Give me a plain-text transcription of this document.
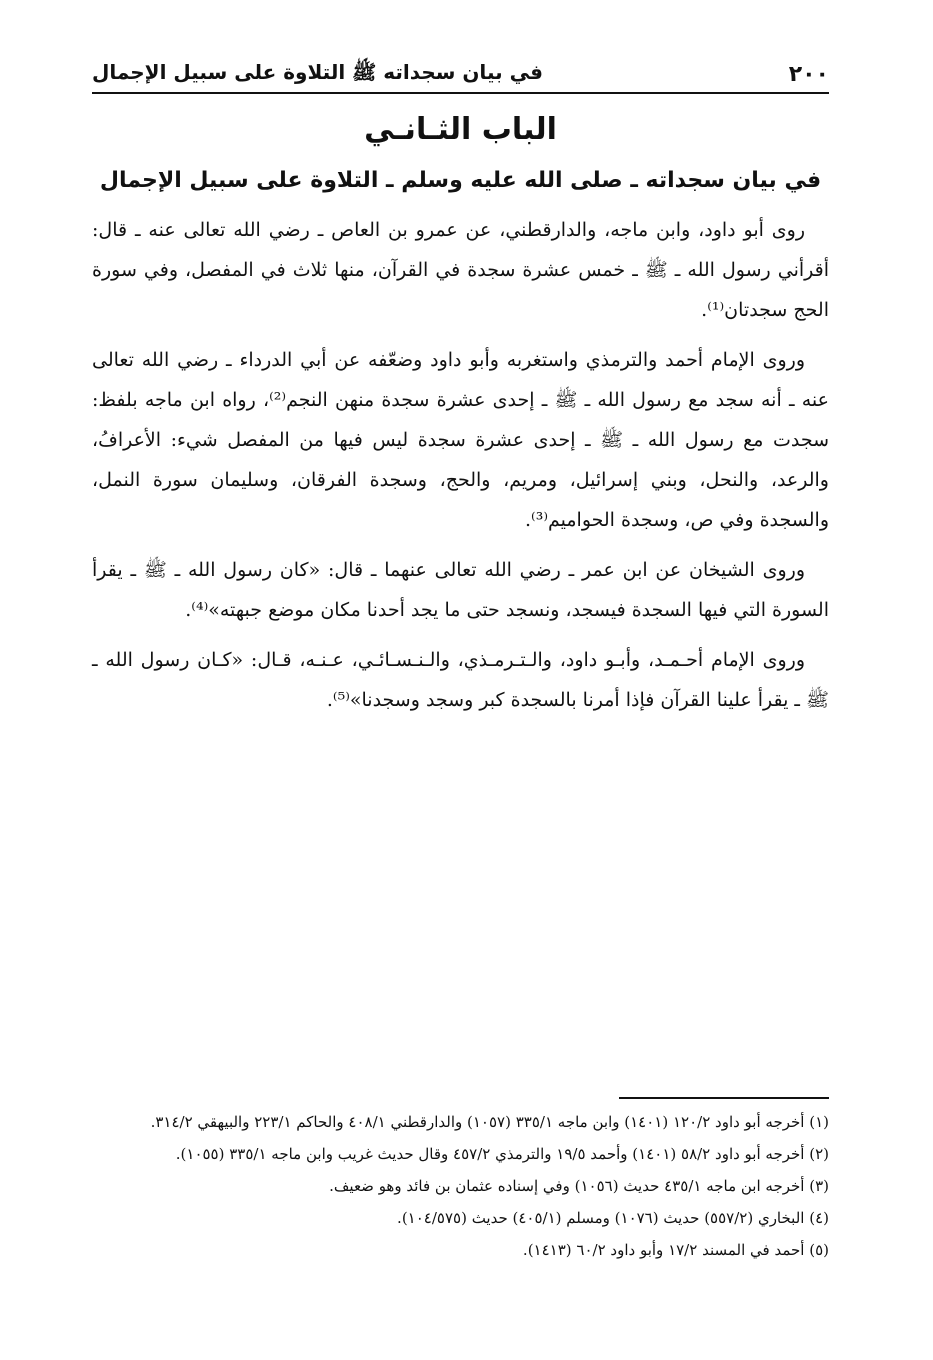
٢٠٠
في بيان سجداته ﷺ التلاوة على سبيل الإجمال
الباب الثـانـي
في بيان سجداته ـ صلى الله عليه وسلم ـ التلاوة على سبيل الإجمال

روى أبو داود، وابن ماجه، والدارقطني، عن عمرو بن العاص ـ رضي الله تعالى عنه ـ قال: أقرأني رسول الله ـ ﷺ ـ خمس عشرة سجدة في القرآن، منها ثلاث في المفصل، وفي سورة الحج سجدتان⁽¹⁾.

وروى الإمام أحمد والترمذي واستغربه وأبو داود وضعّفه عن أبي الدرداء ـ رضي الله تعالى عنه ـ أنه سجد مع رسول الله ـ ﷺ ـ إحدى عشرة سجدة منهن النجم⁽²⁾، رواه ابن ماجه بلفظ: سجدت مع رسول الله ـ ﷺ ـ إحدى عشرة سجدة ليس فيها من المفصل شيء: الأعرافُ، والرعد، والنحل، وبني إسرائيل، ومريم، والحج، وسجدة الفرقان، وسليمان سورة النمل، والسجدة وفي ص، وسجدة الحواميم⁽³⁾.

وروى الشيخان عن ابن عمر ـ رضي الله تعالى عنهما ـ قال: «كان رسول الله ـ ﷺ ـ يقرأ السورة التي فيها السجدة فيسجد، ونسجد حتى ما يجد أحدنا مكان موضع جبهته»⁽⁴⁾.

وروى الإمام أحـمـد، وأبـو داود، والـتـرمـذي، والـنـسـائـي، عـنـه، قـال: «كـان رسول الله ـ ﷺ ـ يقرأ علينا القرآن فإذا أمرنا بالسجدة كبر وسجد وسجدنا»⁽⁵⁾.

(١) أخرجه أبو داود ١٢٠/٢ (١٤٠١) وابن ماجه ٣٣٥/١ (١٠٥٧) والدارقطني ٤٠٨/١ والحاكم ٢٢٣/١ والبيهقي ٣١٤/٢.

(٢) أخرجه أبو داود ٥٨/٢ (١٤٠١) وأحمد ١٩/٥ والترمذي ٤٥٧/٢ وقال حديث غريب وابن ماجه ٣٣٥/١ (١٠٥٥).

(٣) أخرجه ابن ماجه ٤٣٥/١ حديث (١٠٥٦) وفي إسناده عثمان بن فائد وهو ضعيف.

(٤) البخاري (٥٥٧/٢) حديث (١٠٧٦) ومسلم (٤٠٥/١) حديث (١٠٤/٥٧٥).

(٥) أحمد في المسند ١٧/٢ وأبو داود ٦٠/٢ (١٤١٣).
